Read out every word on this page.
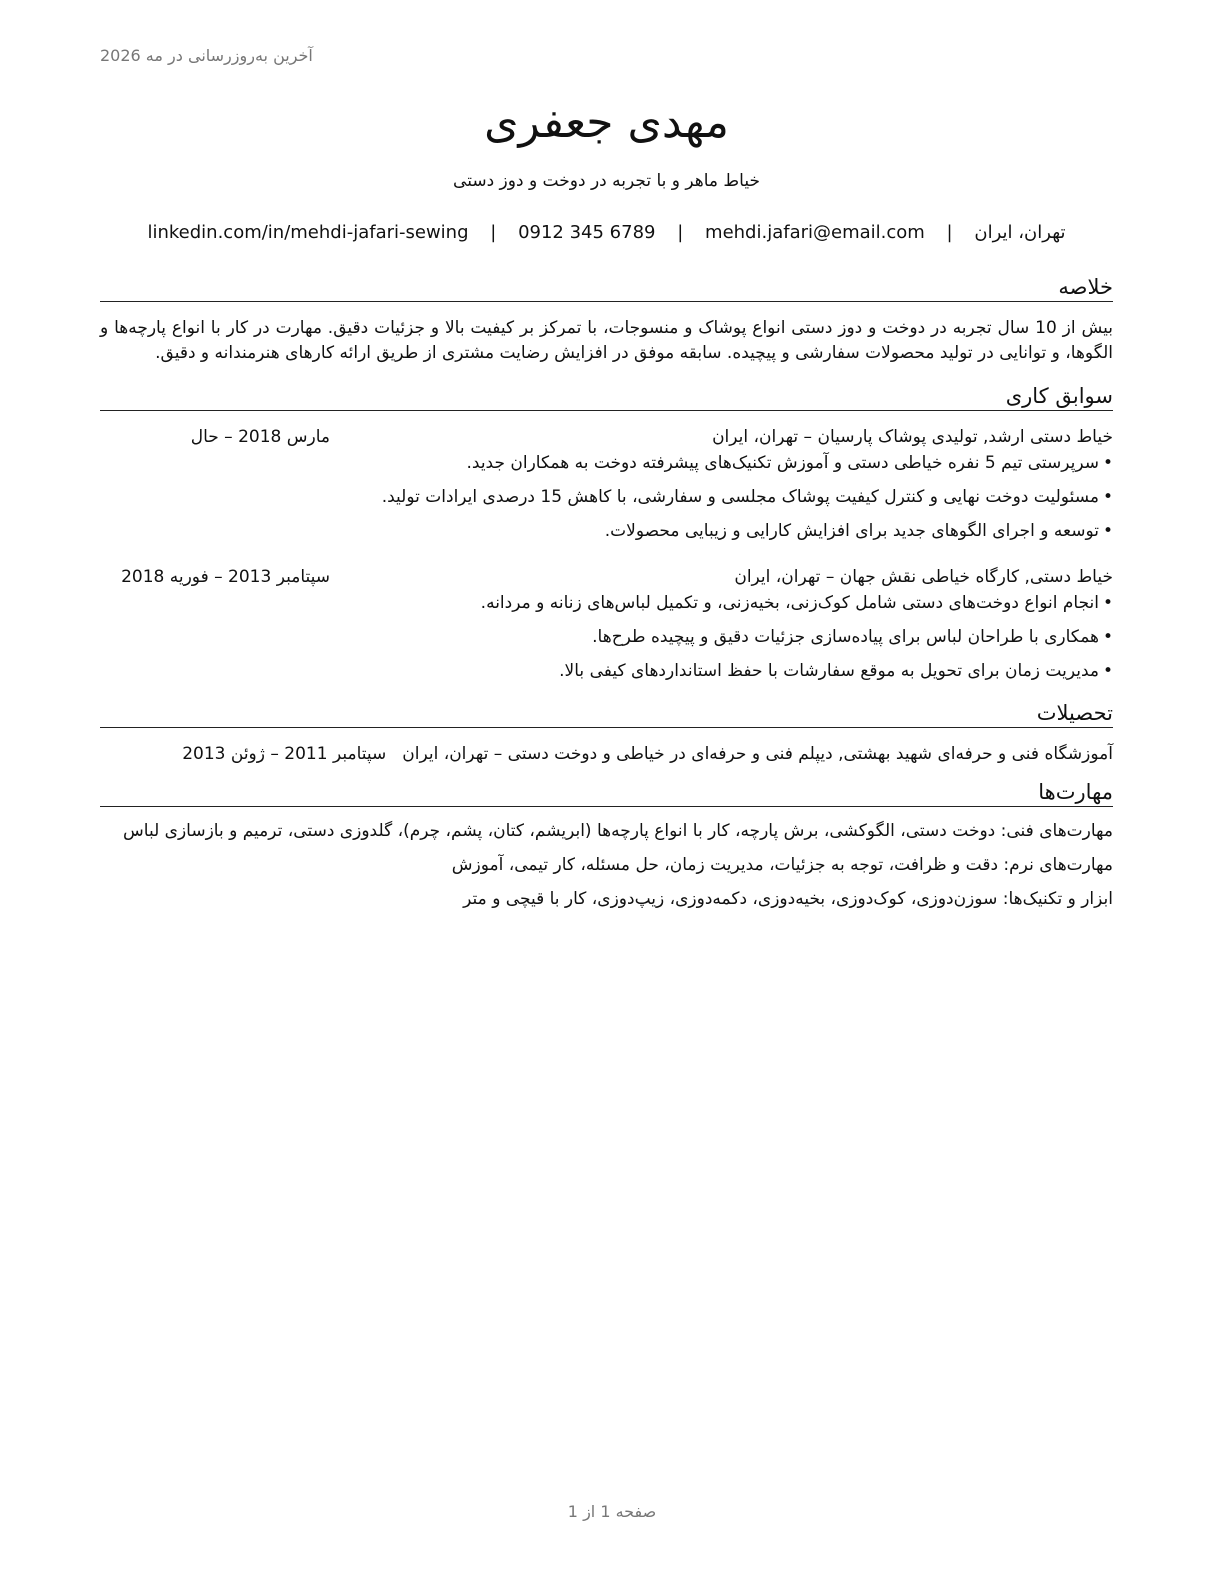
آخرین به‌روزرسانی در مه 2026
مهدی جعفری
خیاط ماهر و با تجربه در دوخت و دوز دستی
تهران، ایران | mehdi.jafari@email.com | 0912 345 6789 | linkedin.com/in/mehdi-jafari-sewing
خلاصه
بیش از 10 سال تجربه در دوخت و دوز دستی انواع پوشاک و منسوجات، با تمرکز بر کیفیت بالا و جزئیات دقیق. مهارت در کار با انواع پارچه‌ها و الگوها، و توانایی در تولید محصولات سفارشی و پیچیده. سابقه موفق در افزایش رضایت مشتری از طریق ارائه کارهای هنرمندانه و دقیق.
سوابق کاری
خیاط دستی ارشد, تولیدی پوشاک پارسیان – تهران، ایران
مارس 2018 – حال
•سرپرستی تیم 5 نفره خیاطی دستی و آموزش تکنیک‌های پیشرفته دوخت به همکاران جدید.
•مسئولیت دوخت نهایی و کنترل کیفیت پوشاک مجلسی و سفارشی، با کاهش 15 درصدی ایرادات تولید.
•توسعه و اجرای الگوهای جدید برای افزایش کارایی و زیبایی محصولات.
خیاط دستی, کارگاه خیاطی نقش جهان – تهران، ایران
سپتامبر 2013 – فوریه 2018
•انجام انواع دوخت‌های دستی شامل کوک‌زنی، بخیه‌زنی، و تکمیل لباس‌های زنانه و مردانه.
•همکاری با طراحان لباس برای پیاده‌سازی جزئیات دقیق و پیچیده طرح‌ها.
•مدیریت زمان برای تحویل به موقع سفارشات با حفظ استانداردهای کیفی بالا.
تحصیلات
آموزشگاه فنی و حرفه‌ای شهید بهشتی, دیپلم فنی و حرفه‌ای در خیاطی و دوخت دستی – تهران، ایران
سپتامبر 2011 – ژوئن 2013
مهارت‌ها
مهارت‌های فنی: دوخت دستی، الگوکشی، برش پارچه، کار با انواع پارچه‌ها (ابریشم، کتان، پشم، چرم)، گلدوزی دستی، ترمیم و بازسازی لباس
مهارت‌های نرم: دقت و ظرافت، توجه به جزئیات، مدیریت زمان، حل مسئله، کار تیمی، آموزش
ابزار و تکنیک‌ها: سوزن‌دوزی، کوک‌دوزی، بخیه‌دوزی، دکمه‌دوزی، زیپ‌دوزی، کار با قیچی و متر
صفحه 1 از 1
